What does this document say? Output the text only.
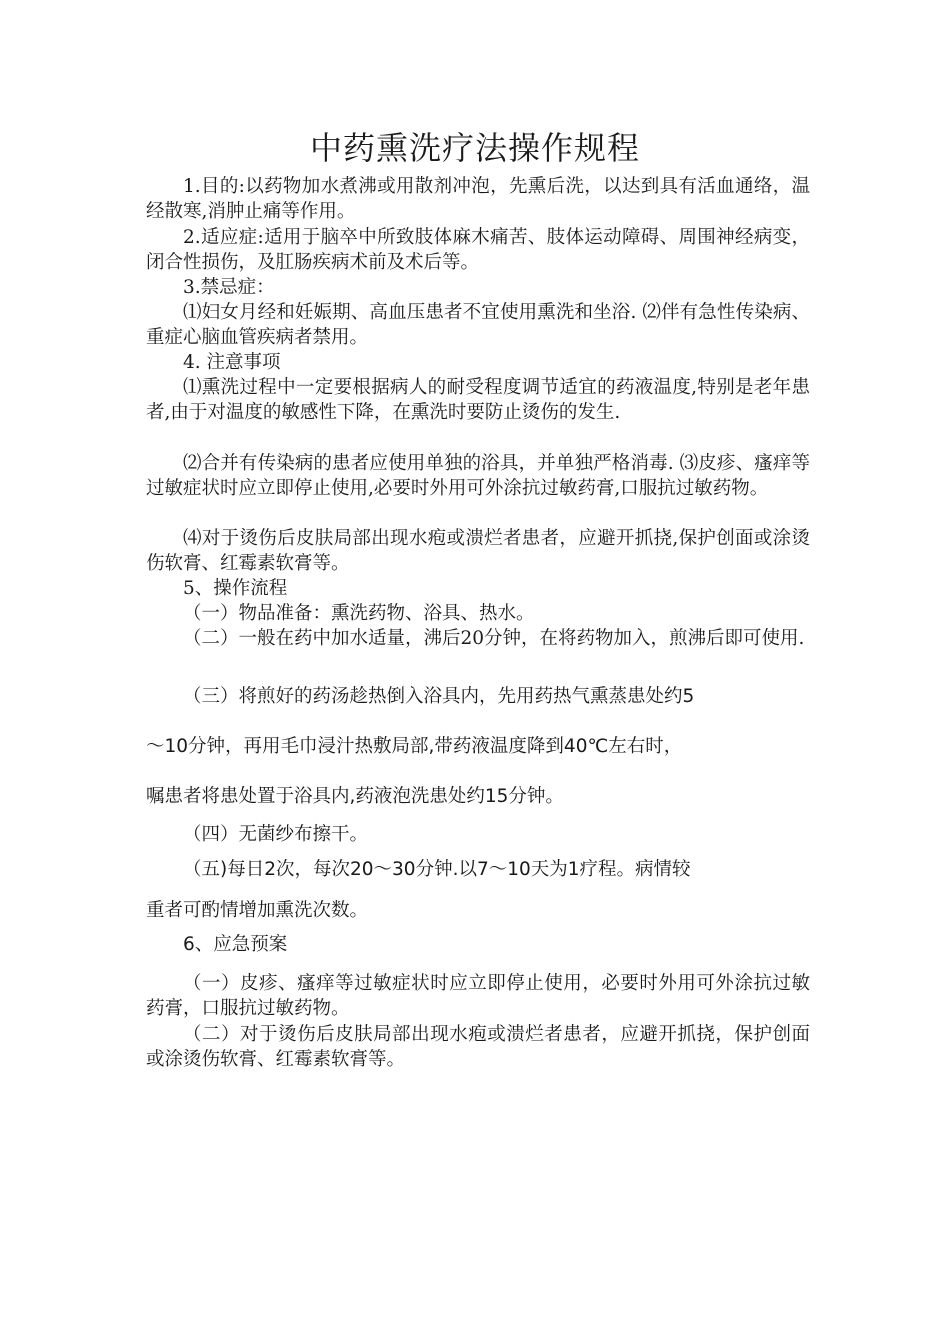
中药熏洗疗法操作规程

1.目的:以药物加水煮沸或用散剂冲泡，先熏后洗，以达到具有活血通络，温经散寒,消肿止痛等作用。

2.适应症:适用于脑卒中所致肢体麻木痛苦、肢体运动障碍、周围神经病变，闭合性损伤，及肛肠疾病术前及术后等。

3.禁忌症：

⑴妇女月经和妊娠期、高血压患者不宜使用熏洗和坐浴. ⑵伴有急性传染病、重症心脑血管疾病者禁用。

4. 注意事项

⑴熏洗过程中一定要根据病人的耐受程度调节适宜的药液温度,特别是老年患者,由于对温度的敏感性下降，在熏洗时要防止烫伤的发生.

⑵合并有传染病的患者应使用单独的浴具，并单独严格消毒. ⑶皮疹、瘙痒等过敏症状时应立即停止使用,必要时外用可外涂抗过敏药膏,口服抗过敏药物。

⑷对于烫伤后皮肤局部出现水疱或溃烂者患者，应避开抓挠,保护创面或涂烫伤软膏、红霉素软膏等。

5、操作流程

（一）物品准备：熏洗药物、浴具、热水。

（二）一般在药中加水适量，沸后20分钟，在将药物加入，煎沸后即可使用.

（三）将煎好的药汤趁热倒入浴具内，先用药热气熏蒸患处约5

～10分钟，再用毛巾浸汁热敷局部,带药液温度降到40℃左右时，

嘱患者将患处置于浴具内,药液泡洗患处约15分钟。

（四）无菌纱布擦干。

（五)每日2次，每次20～30分钟.以7～10天为1疗程。病情较

重者可酌情增加熏洗次数。

6、应急预案

（一）皮疹、瘙痒等过敏症状时应立即停止使用，必要时外用可外涂抗过敏药膏，口服抗过敏药物。

（二）对于烫伤后皮肤局部出现水疱或溃烂者患者，应避开抓挠，保护创面或涂烫伤软膏、红霉素软膏等。
